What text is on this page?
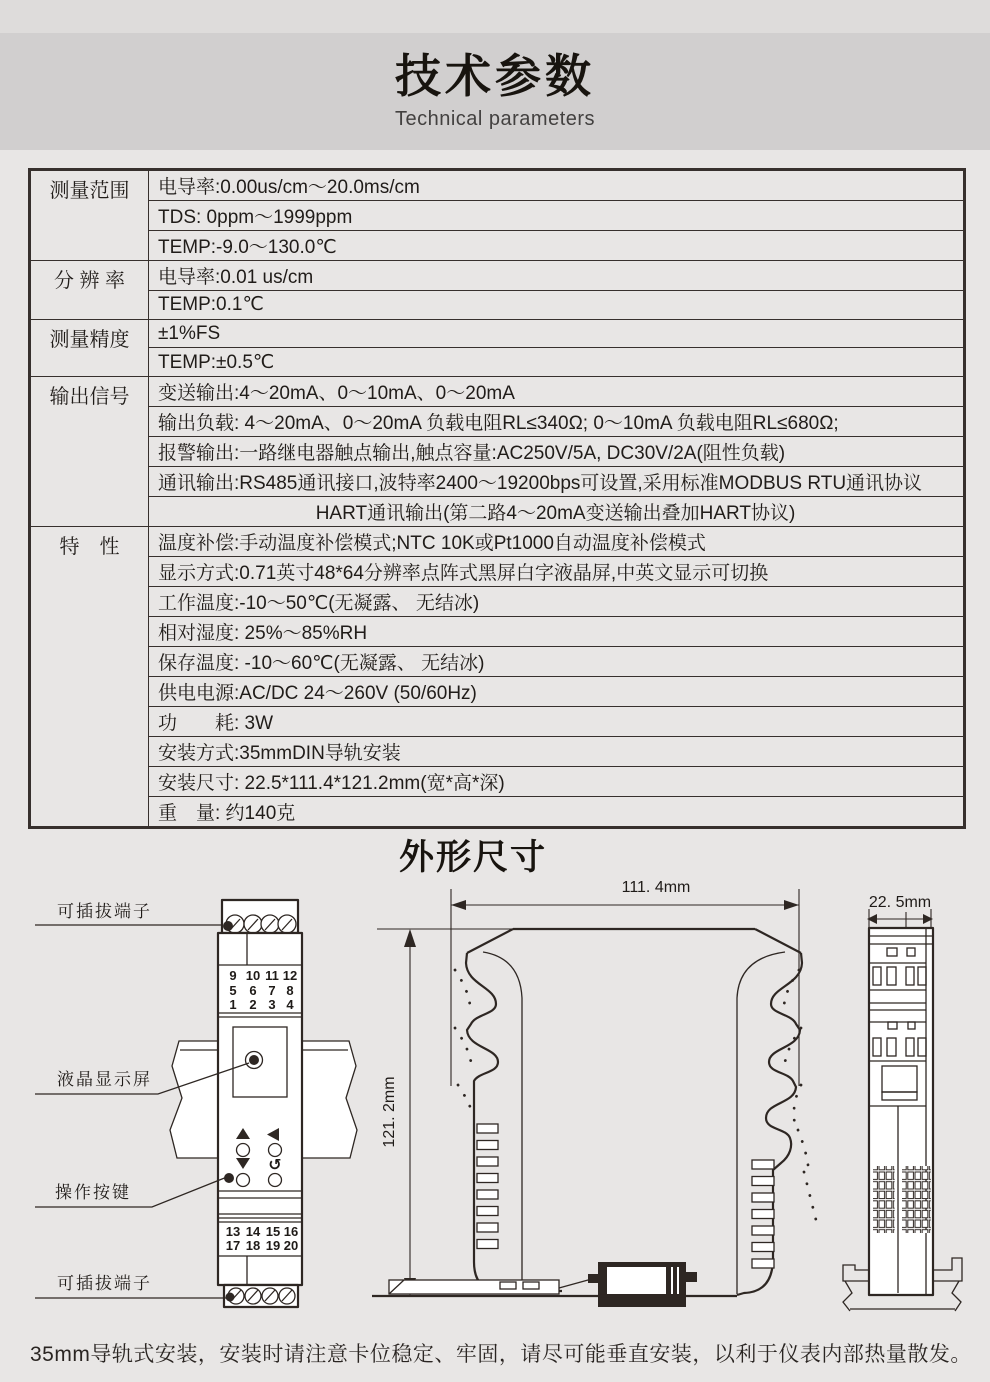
技术参数
Technical parameters
测量范围	电导率:0.00us/cm～20.0ms/cm
	TDS: 0ppm～1999ppm
	TEMP:-9.0～130.0℃
分 辨 率	电导率:0.01 us/cm
	TEMP:0.1℃
测量精度	±1%FS
	TEMP:±0.5℃
输出信号	变送输出:4～20mA、0～10mA、0～20mA
	输出负载: 4～20mA、0～20mA 负载电阻RL≤340Ω; 0～10mA 负载电阻RL≤680Ω;
	报警输出:一路继电器触点输出,触点容量:AC250V/5A, DC30V/2A(阻性负载)
	通讯输出:RS485通讯接口,波特率2400～19200bps可设置,采用标准MODBUS RTU通讯协议
	HART通讯输出(第二路4～20mA变送输出叠加HART协议)
特　性	温度补偿:手动温度补偿模式;NTC 10K或Pt1000自动温度补偿模式
	显示方式:0.71英寸48*64分辨率点阵式黑屏白字液晶屏,中英文显示可切换
	工作温度:-10～50℃(无凝露、 无结冰)
	相对湿度: 25%～85%RH
	保存温度: -10～60℃(无凝露、 无结冰)
	供电电源:AC/DC 24～260V (50/60Hz)
	功　　耗: 3W
	安装方式:35mmDIN导轨安装
	安装尺寸: 22.5*111.4*121.2mm(宽*高*深)
	重　量: 约140克
外形尺寸
9 10 11 12
5 6 7 8
1 2 3 4
↺
13 14 15 16
17 18 19 20
可插拔端子
液晶显示屏
操作按键
可插拔端子
121. 2mm
111. 4mm
22. 5mm
35mm导轨式安装，安装时请注意卡位稳定、牢固，请尽可能垂直安装，以利于仪表内部热量散发。
